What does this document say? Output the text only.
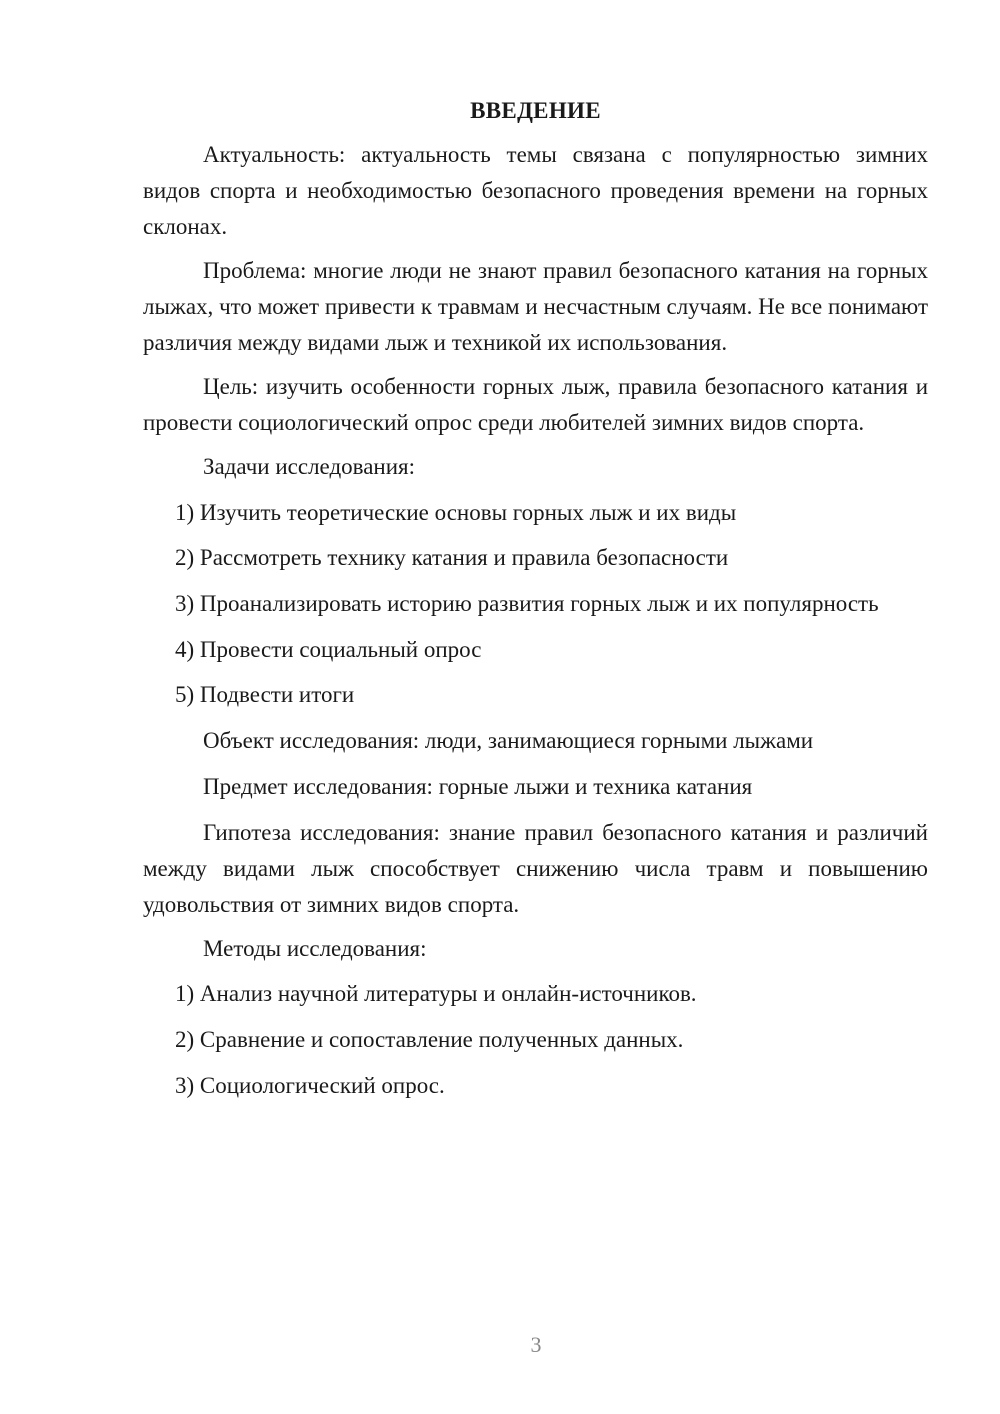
ВВЕДЕНИЕ

Актуальность: актуальность темы связана с популярностью зимних видов спорта и необходимостью безопасного проведения времени на горных склонах.

Проблема: многие люди не знают правил безопасного катания на горных лыжах, что может привести к травмам и несчастным случаям. Не все понимают различия между видами лыж и техникой их использования.

Цель: изучить особенности горных лыж, правила безопасного катания и провести социологический опрос среди любителей зимних видов спорта.

Задачи исследования:
1) Изучить теоретические основы горных лыж и их виды
2) Рассмотреть технику катания и правила безопасности
3) Проанализировать историю развития горных лыж и их популярность
4) Провести социальный опрос
5) Подвести итоги
Объект исследования: люди, занимающиеся горными лыжами
Предмет исследования: горные лыжи и техника катания

Гипотеза исследования: знание правил безопасного катания и различий между видами лыж способствует снижению числа травм и повышению удовольствия от зимних видов спорта.

Методы исследования:
1) Анализ научной литературы и онлайн-источников.
2) Сравнение и сопоставление полученных данных.
3) Социологический опрос.
3
